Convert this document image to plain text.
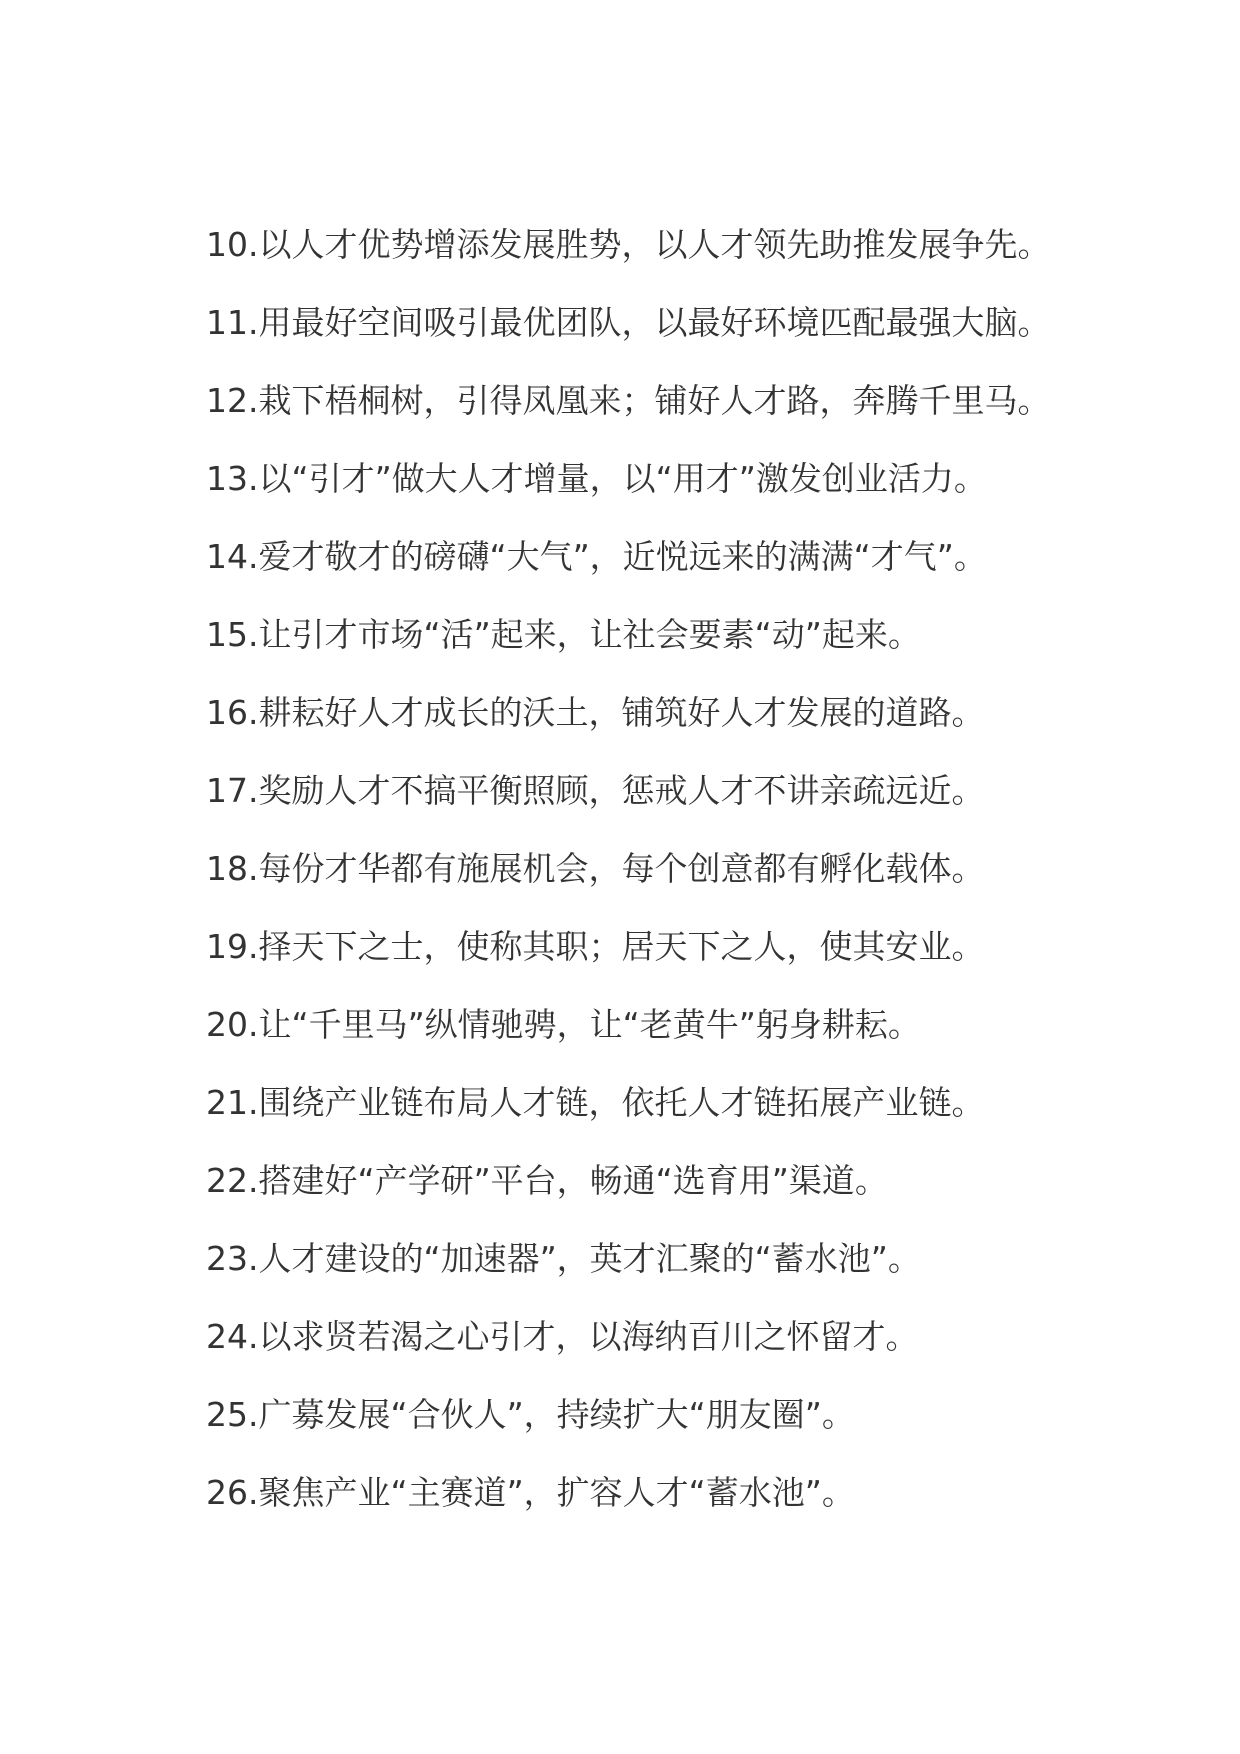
10.以人才优势增添发展胜势，以人才领先助推发展争先。
11.用最好空间吸引最优团队，以最好环境匹配最强大脑。
12.栽下梧桐树，引得凤凰来；铺好人才路，奔腾千里马。
13.以“引才”做大人才增量，以“用才”激发创业活力。
14.爱才敬才的磅礴“大气”，近悦远来的满满“才气”。
15.让引才市场“活”起来，让社会要素“动”起来。
16.耕耘好人才成长的沃土，铺筑好人才发展的道路。
17.奖励人才不搞平衡照顾，惩戒人才不讲亲疏远近。
18.每份才华都有施展机会，每个创意都有孵化载体。
19.择天下之士，使称其职；居天下之人，使其安业。
20.让“千里马”纵情驰骋，让“老黄牛”躬身耕耘。
21.围绕产业链布局人才链，依托人才链拓展产业链。
22.搭建好“产学研”平台，畅通“选育用”渠道。
23.人才建设的“加速器”，英才汇聚的“蓄水池”。
24.以求贤若渴之心引才，以海纳百川之怀留才。
25.广募发展“合伙人”，持续扩大“朋友圈”。
26.聚焦产业“主赛道”，扩容人才“蓄水池”。
